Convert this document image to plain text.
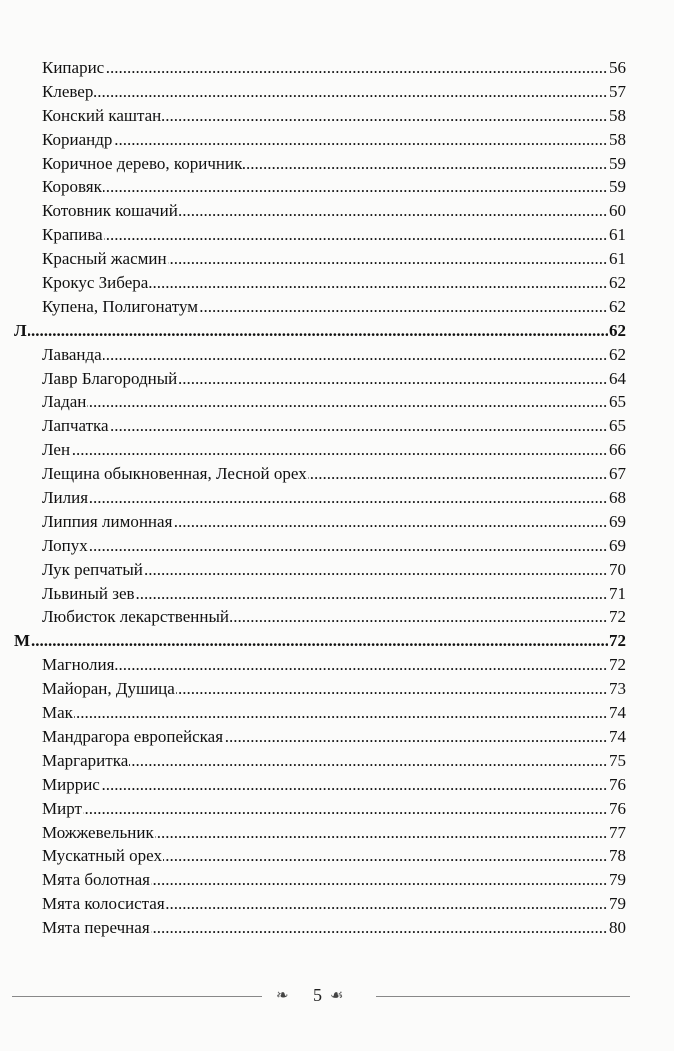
.....
Кипарис	56
.....
Клевер	57
.....
Конский каштан	58
.....
Кориандр	58
.....
Коричное дерево, коричник	59
.....
Коровяк	59
.....
Котовник кошачий	60
.....
Крапива	61
.....
Красный жасмин	61
.....
Крокус Зибера	62
.....
Купена, Полигонатум	62
.....
Л	62
.....
Лаванда	62
.....
Лавр Благородный	64
.....
Ладан	65
.....
Лапчатка	65
.....
Лен	66
.....
Лещина обыкновенная, Лесной орех	67
.....
Лилия	68
.....
Липпия лимонная	69
.....
Лопух	69
.....
Лук репчатый	70
.....
Львиный зев	71
.....
Любисток лекарственный	72
.....
М	72
.....
Магнолия	72
.....
Майоран, Душица	73
.....
Мак	74
.....
Мандрагора европейская	74
.....
Маргаритка	75
.....
Миррис	76
.....
Мирт	76
.....
Можжевельник	77
.....
Мускатный орех	78
.....
Мята болотная	79
.....
Мята колосистая	79
.....
Мята перечная	80
❧ 5 ☙
